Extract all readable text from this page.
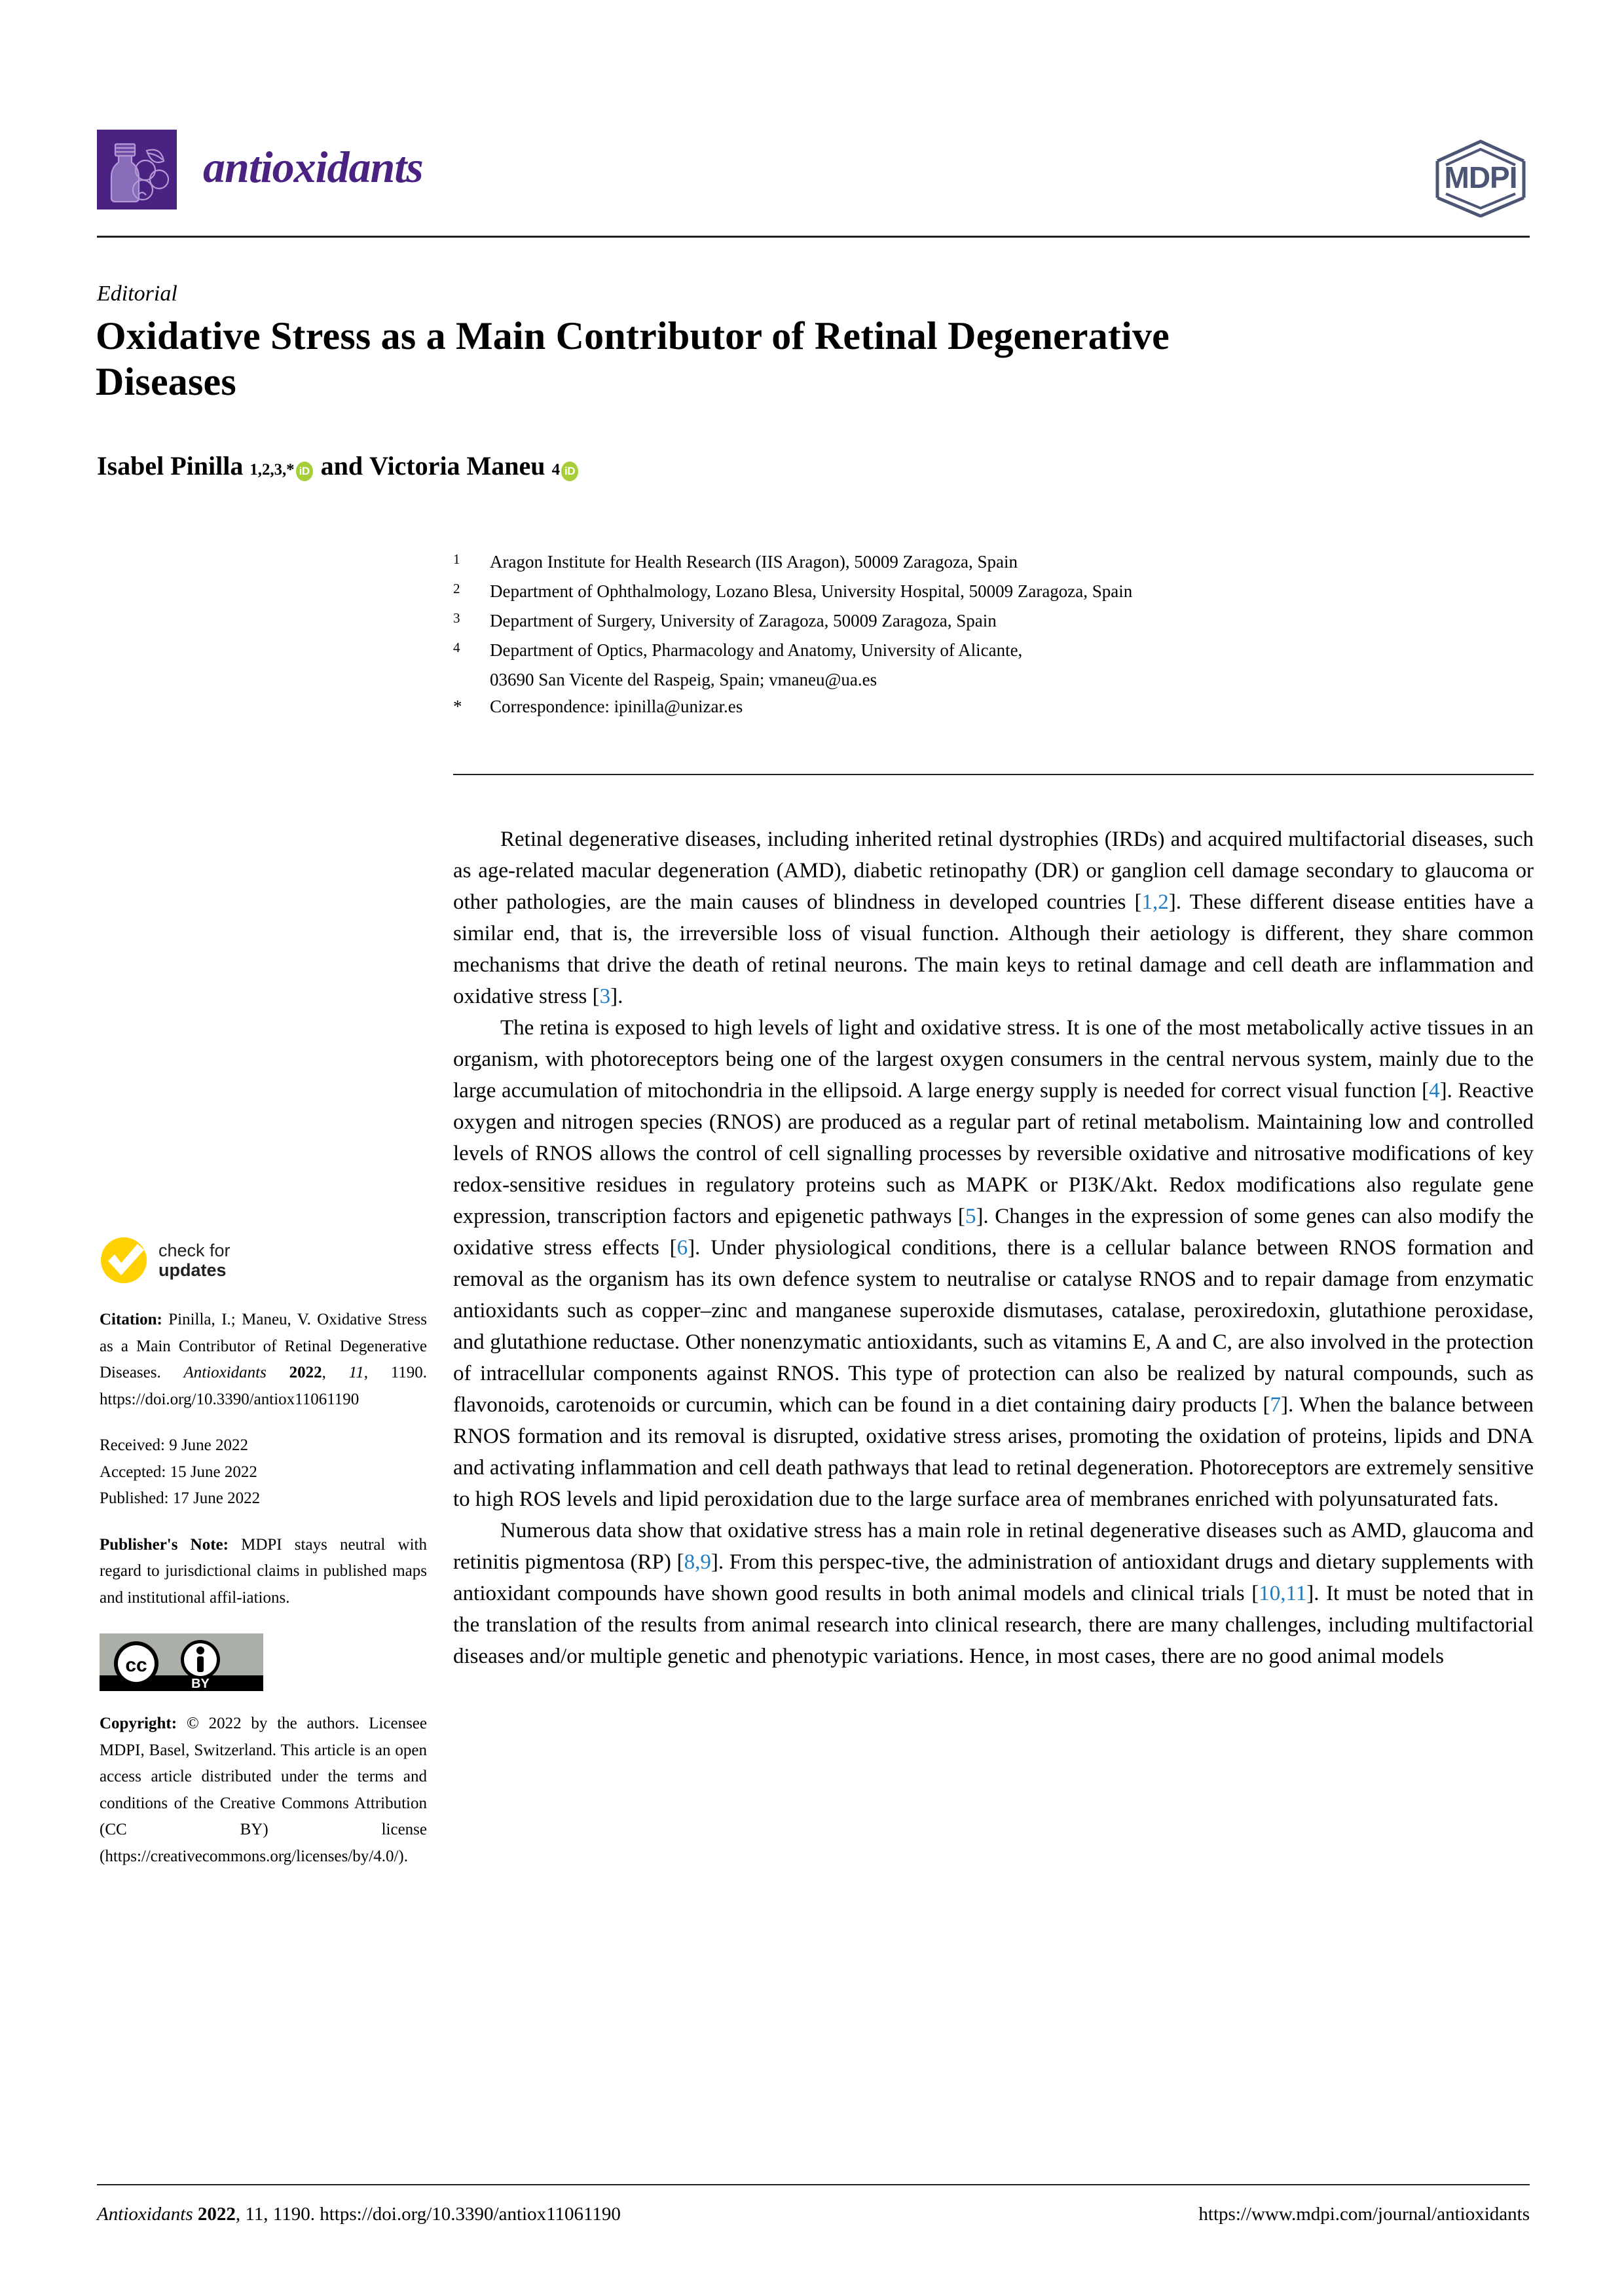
antioxidants	MDPI
Editorial
Oxidative Stress as a Main Contributor of Retinal Degenerative Diseases
Isabel Pinilla
1,2,3,* iD
and
Victoria Maneu
4 iD
$^1$	Aragon Institute for Health Research (IIS Aragon), 50009 Zaragoza, Spain
$^2$	Department of Ophthalmology, Lozano Blesa, University Hospital, 50009 Zaragoza, Spain
$^3$	Department of Surgery, University of Zaragoza, 50009 Zaragoza, Spain
$^4$	Department of Optics, Pharmacology and Anatomy, University of Alicante,
03690 San Vicente del Raspeig, Spain; vmaneu@ua.es
*	Correspondence: ipinilla@unizar.es
check for
updates
Citation: Pinilla, I.; Maneu, V. Oxidative Stress as a Main Contributor of Retinal Degenerative Diseases. Antioxidants 2022, 11, 1190. https://doi.org/10.3390/antiox11061190
Received: 9 June 2022
Accepted: 15 June 2022
Published: 17 June 2022
Publisher's Note: MDPI stays neutral with regard to jurisdictional claims in published maps and institutional affil-iations.
cc
BY
Copyright: © 2022 by the authors. Licensee MDPI, Basel, Switzerland. This article is an open access article distributed under the terms and conditions of the Creative Commons Attribution (CC BY) license (https://creativecommons.org/licenses/by/4.0/).

Retinal degenerative diseases, including inherited retinal dystrophies (IRDs) and acquired multifactorial diseases, such as age-related macular degeneration (AMD), diabetic retinopathy (DR) or ganglion cell damage secondary to glaucoma or other pathologies, are the main causes of blindness in developed countries [1,2]. These different disease entities have a similar end, that is, the irreversible loss of visual function. Although their aetiology is different, they share common mechanisms that drive the death of retinal neurons. The main keys to retinal damage and cell death are inflammation and oxidative stress [3].

The retina is exposed to high levels of light and oxidative stress. It is one of the most metabolically active tissues in an organism, with photoreceptors being one of the largest oxygen consumers in the central nervous system, mainly due to the large accumulation of mitochondria in the ellipsoid. A large energy supply is needed for correct visual function [4]. Reactive oxygen and nitrogen species (RNOS) are produced as a regular part of retinal metabolism. Maintaining low and controlled levels of RNOS allows the control of cell signalling processes by reversible oxidative and nitrosative modifications of key redox-sensitive residues in regulatory proteins such as MAPK or PI3K/Akt. Redox modifications also regulate gene expression, transcription factors and epigenetic pathways [5]. Changes in the expression of some genes can also modify the oxidative stress effects [6]. Under physiological conditions, there is a cellular balance between RNOS formation and removal as the organism has its own defence system to neutralise or catalyse RNOS and to repair damage from enzymatic antioxidants such as copper–zinc and manganese superoxide dismutases, catalase, peroxiredoxin, glutathione peroxidase, and glutathione reductase. Other nonenzymatic antioxidants, such as vitamins E, A and C, are also involved in the protection of intracellular components against RNOS. This type of protection can also be realized by natural compounds, such as flavonoids, carotenoids or curcumin, which can be found in a diet containing dairy products [7]. When the balance between RNOS formation and its removal is disrupted, oxidative stress arises, promoting the oxidation of proteins, lipids and DNA and activating inflammation and cell death pathways that lead to retinal degeneration. Photoreceptors are extremely sensitive to high ROS levels and lipid peroxidation due to the large surface area of membranes enriched with polyunsaturated fats.

Numerous data show that oxidative stress has a main role in retinal degenerative diseases such as AMD, glaucoma and retinitis pigmentosa (RP) [8,9]. From this perspec-tive, the administration of antioxidant drugs and dietary supplements with antioxidant compounds have shown good results in both animal models and clinical trials [10,11]. It must be noted that in the translation of the results from animal research into clinical research, there are many challenges, including multifactorial diseases and/or multiple genetic and phenotypic variations. Hence, in most cases, there are no good animal models

Antioxidants 2022, 11, 1190. https://doi.org/10.3390/antiox11061190	https://www.mdpi.com/journal/antioxidants
